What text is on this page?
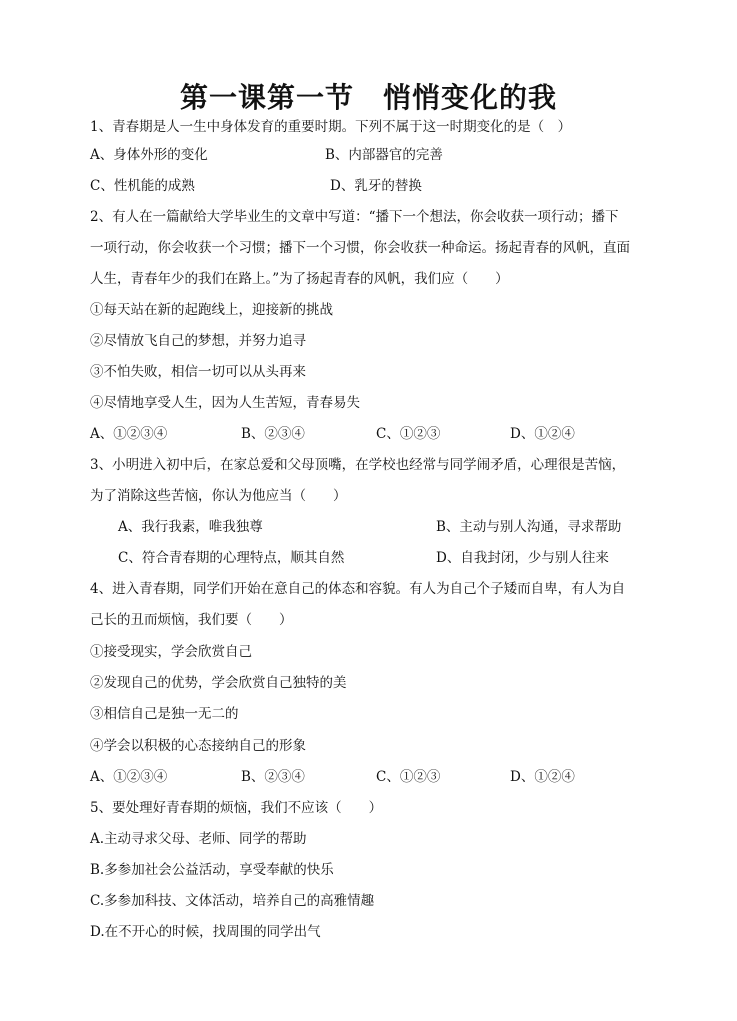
第一课第一节　悄悄变化的我
1、青春期是人一生中身体发育的重要时期。下列不属于这一时期变化的是（　）
A、身体外形的变化	B、内部器官的完善
C、性机能的成熟	D、乳牙的替换
2、有人在一篇献给大学毕业生的文章中写道：“播下一个想法，你会收获一项行动；播下
一项行动，你会收获一个习惯；播下一个习惯，你会收获一种命运。扬起青春的风帆，直面
人生，青春年少的我们在路上。”为了扬起青春的风帆，我们应（　　）
①每天站在新的起跑线上，迎接新的挑战
②尽情放飞自己的梦想，并努力追寻
③不怕失败，相信一切可以从头再来
④尽情地享受人生，因为人生苦短，青春易失
A、①②③④	B、②③④	C、①②③	D、①②④
3、小明进入初中后，在家总爱和父母顶嘴，在学校也经常与同学闹矛盾，心理很是苦恼，
为了消除这些苦恼，你认为他应当（　　）
A、我行我素，唯我独尊	B、主动与别人沟通，寻求帮助
C、符合青春期的心理特点，顺其自然	D、自我封闭，少与别人往来
4、进入青春期，同学们开始在意自己的体态和容貌。有人为自己个子矮而自卑，有人为自
己长的丑而烦恼，我们要（　　）
①接受现实，学会欣赏自己
②发现自己的优势，学会欣赏自己独特的美
③相信自己是独一无二的
④学会以积极的心态接纳自己的形象
A、①②③④	B、②③④	C、①②③	D、①②④
5、要处理好青春期的烦恼，我们不应该（　　）
A.主动寻求父母、老师、同学的帮助
B.多参加社会公益活动，享受奉献的快乐
C.多参加科技、文体活动，培养自己的高雅情趣
D.在不开心的时候，找周围的同学出气
